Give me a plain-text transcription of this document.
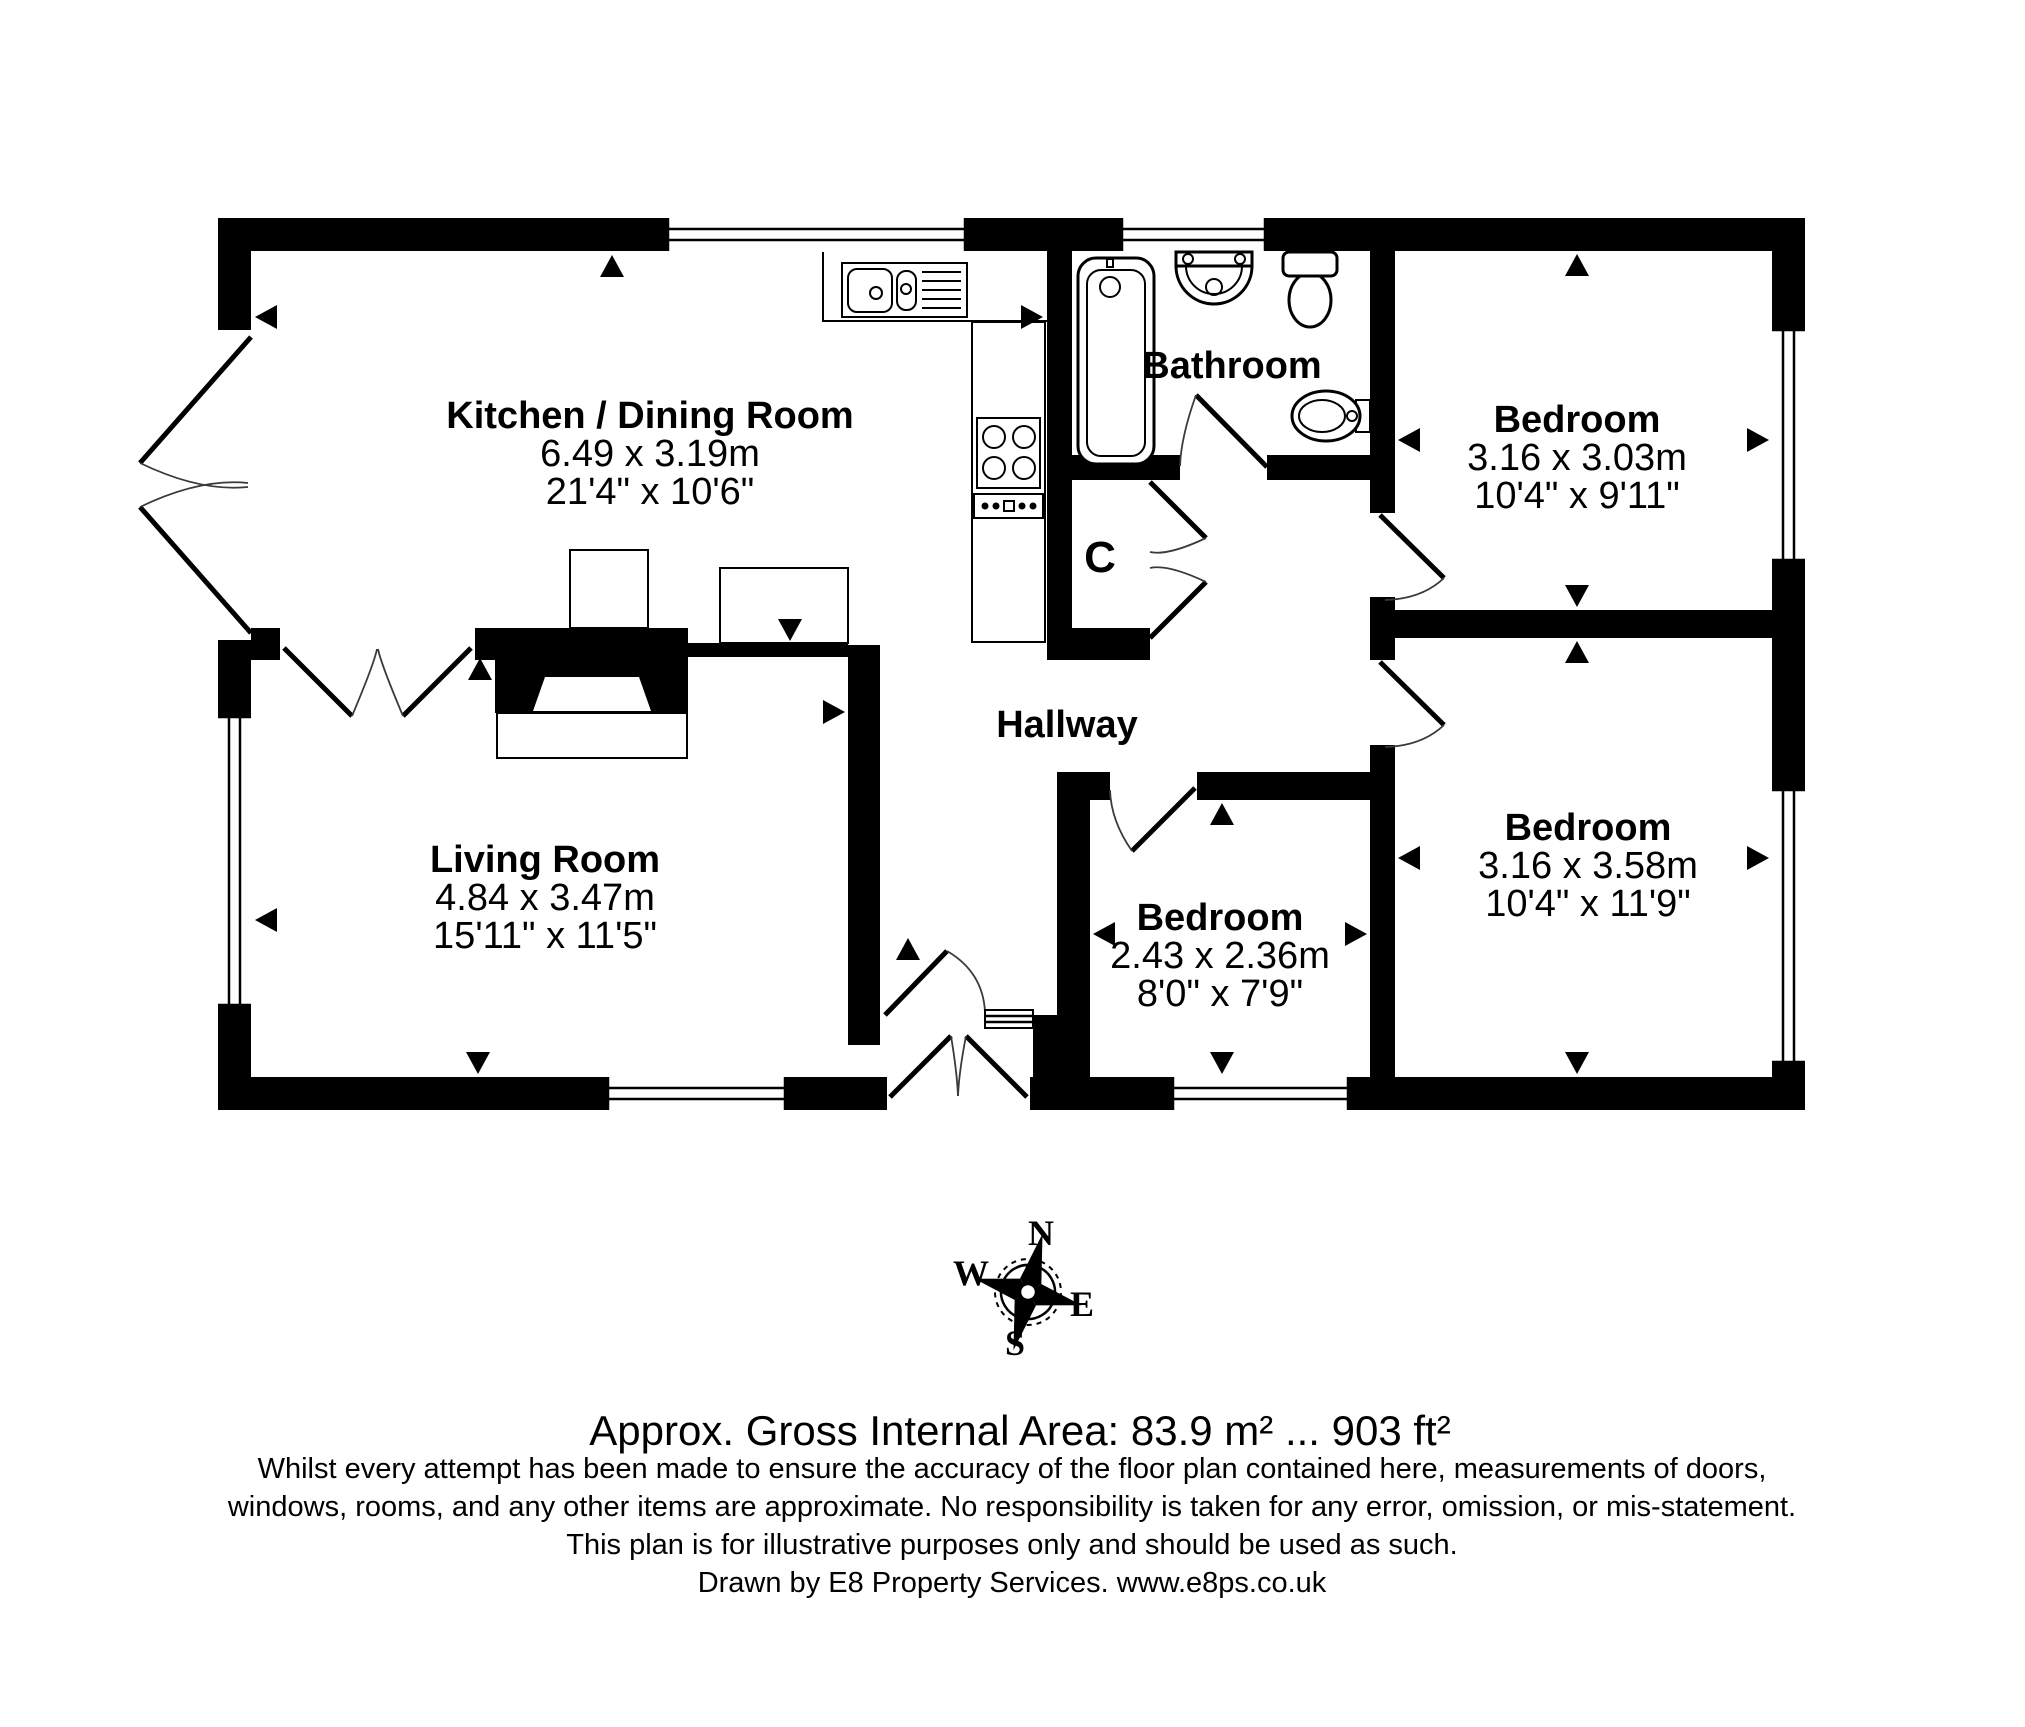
Kitchen / Dining Room
6.49 x 3.19m
21'4" x 10'6"
Living Room
4.84 x 3.47m
15'11" x 11'5"
Bathroom
Hallway
C
Bedroom
3.16 x 3.03m
10'4" x 9'11"
Bedroom
3.16 x 3.58m
10'4" x 11'9"
Bedroom
2.43 x 2.36m
8'0" x 7'9"
N
E
S
W
Approx. Gross Internal Area: 83.9 m² ... 903 ft²
Whilst every attempt has been made to ensure the accuracy of the floor plan contained here, measurements of doors,
windows, rooms, and any other items are approximate. No responsibility is taken for any error, omission, or mis-statement.
This plan is for illustrative purposes only and should be used as such.
Drawn by E8 Property Services. www.e8ps.co.uk
